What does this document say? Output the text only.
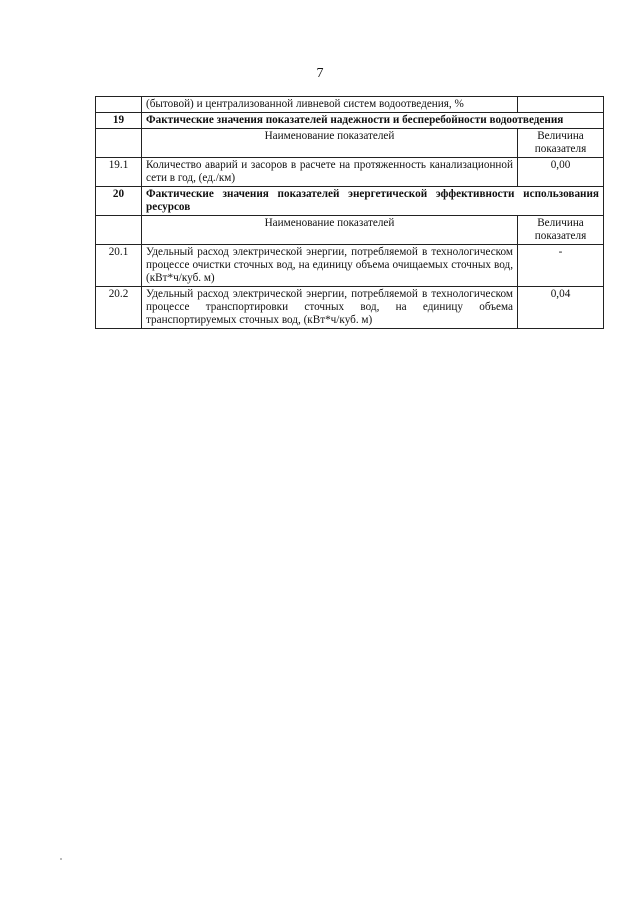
7
	(бытовой) и централизованной ливневой систем водоотведения, %	
19	Фактические значения показателей надежности и бесперебойности водоотведения	
	Наименование показателей	Величина показателя
19.1	Количество аварий и засоров в расчете на протяженность канализационной сети в год, (ед./км)	0,00
20	Фактические значения показателей энергетической эффективности использования ресурсов	
	Наименование показателей	Величина показателя
20.1	Удельный расход электрической энергии, потребляемой в технологическом процессе очистки сточных вод, на единицу объема очищаемых сточных вод, (кВт*ч/куб. м)	-
20.2	Удельный расход электрической энергии, потребляемой в технологическом процессе транспортировки сточных вод, на единицу объема транспортируемых сточных вод, (кВт*ч/куб. м)	0,04
